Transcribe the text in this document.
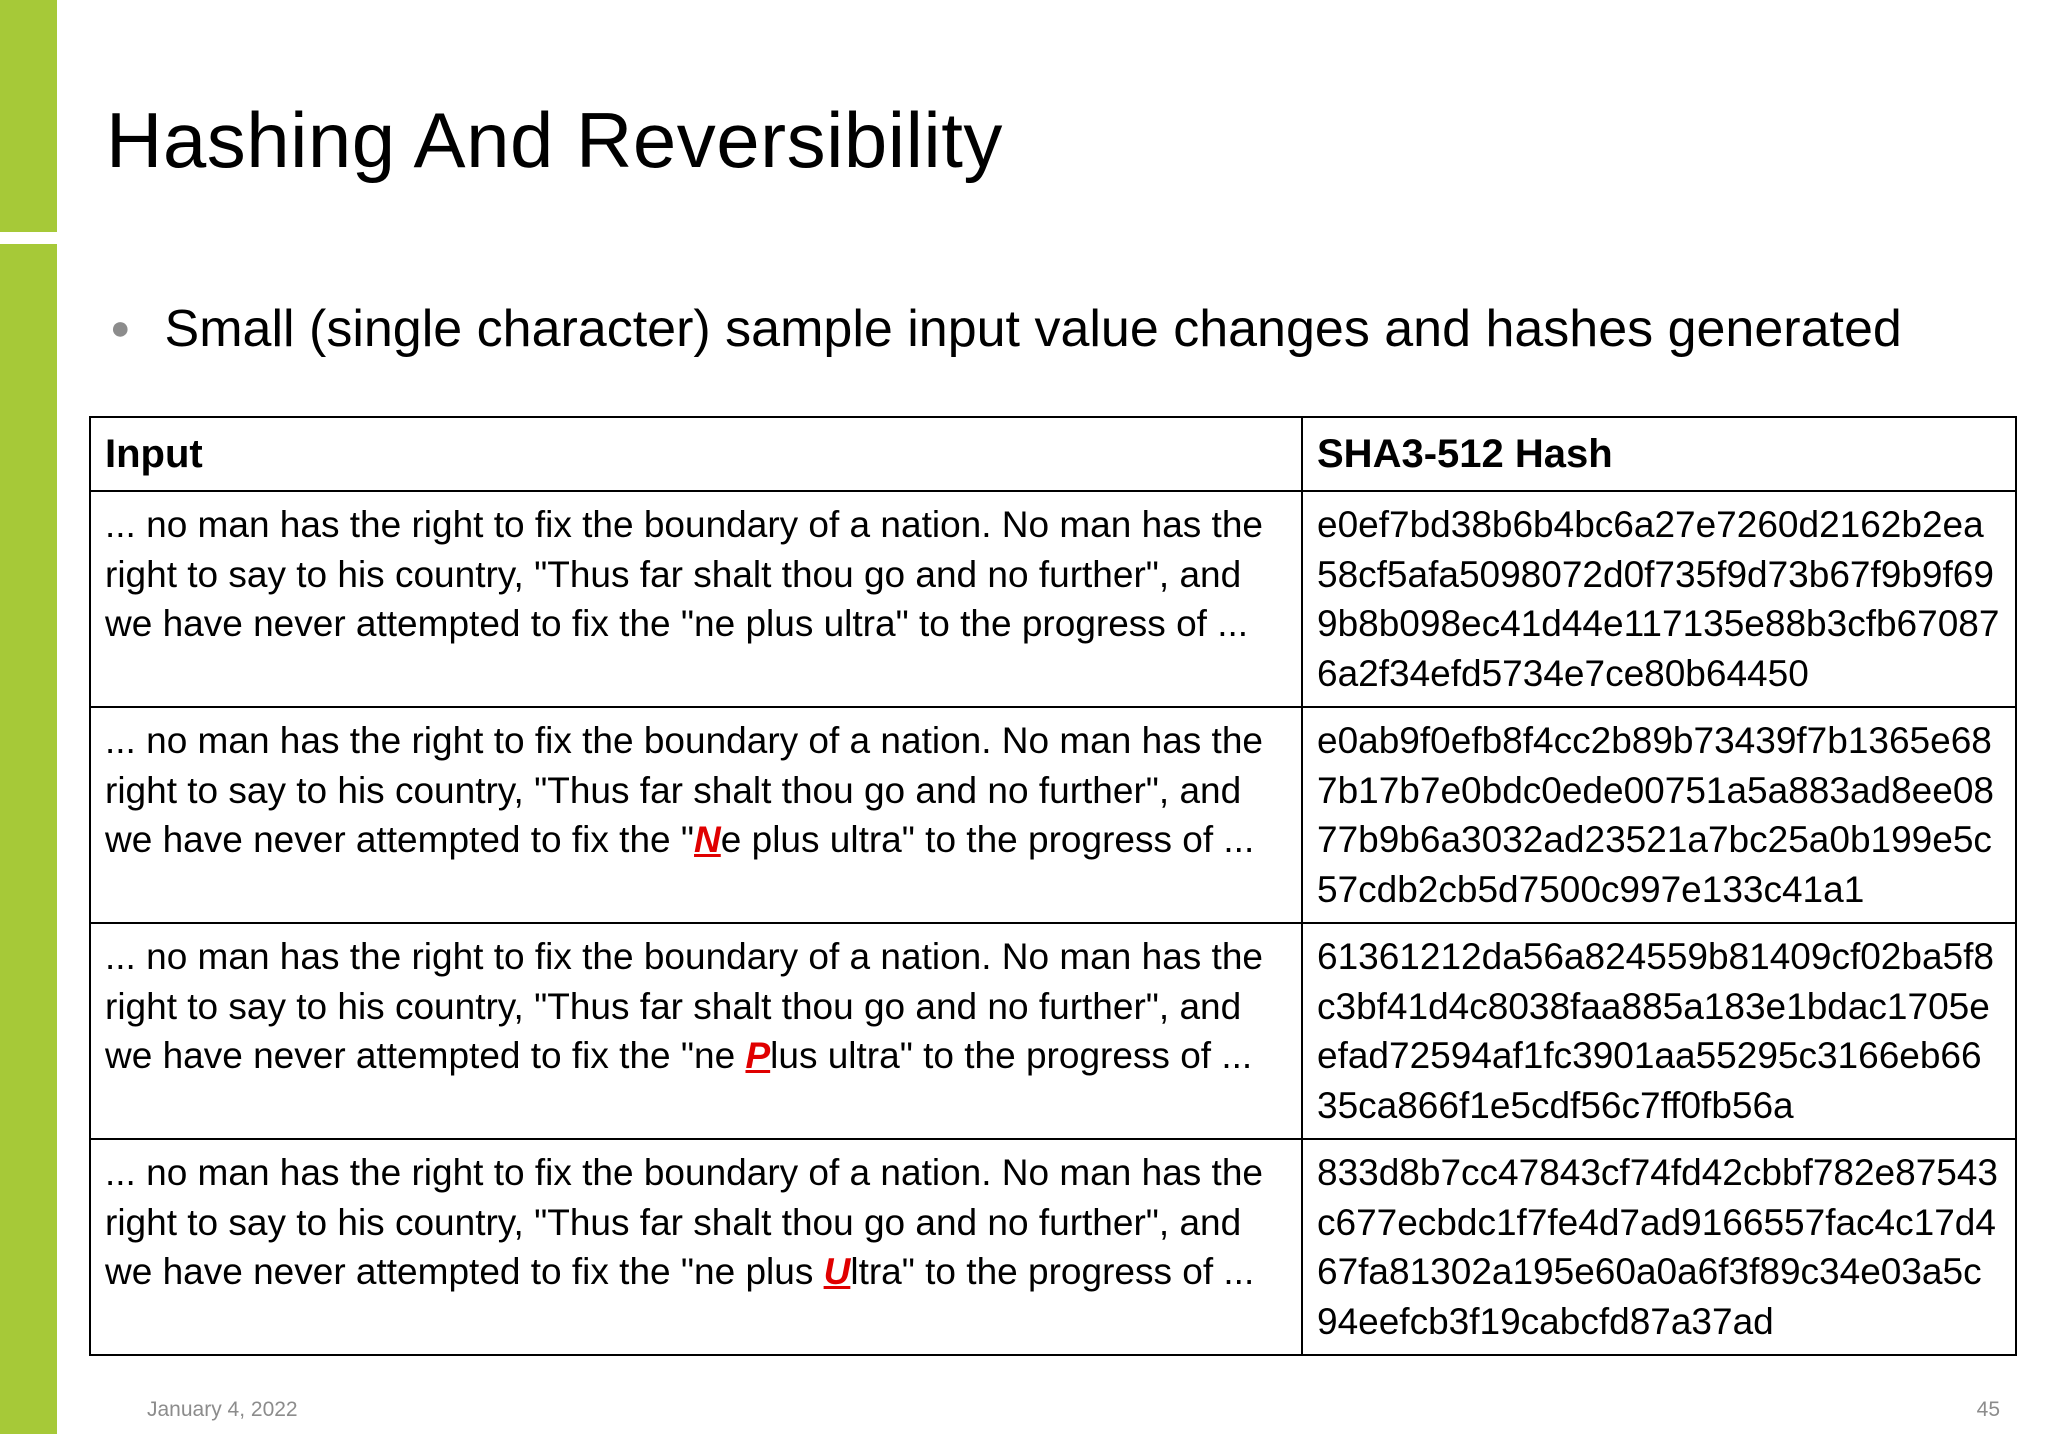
Hashing And Reversibility
● Small (single character) sample input value changes and hashes generated
Input	SHA3-512 Hash
... no man has the right to fix the boundary of a nation. No man has the right to say to his country, "Thus far shalt thou go and no further", and we have never attempted to fix the "ne plus ultra" to the progress of ...	e0ef7bd38b6b4bc6a27e7260d2162b2ea58cf5afa5098072d0f735f9d73b67f9b9f699b8b098ec41d44e117135e88b3cfb670876a2f34efd5734e7ce80b64450
... no man has the right to fix the boundary of a nation. No man has the right to say to his country, "Thus far shalt thou go and no further", and we have never attempted to fix the "Ne plus ultra" to the progress of ...	e0ab9f0efb8f4cc2b89b73439f7b1365e687b17b7e0bdc0ede00751a5a883ad8ee0877b9b6a3032ad23521a7bc25a0b199e5c57cdb2cb5d7500c997e133c41a1
... no man has the right to fix the boundary of a nation. No man has the right to say to his country, "Thus far shalt thou go and no further", and we have never attempted to fix the "ne Plus ultra" to the progress of ...	61361212da56a824559b81409cf02ba5f8c3bf41d4c8038faa885a183e1bdac1705eefad72594af1fc3901aa55295c3166eb6635ca866f1e5cdf56c7ff0fb56a
... no man has the right to fix the boundary of a nation. No man has the right to say to his country, "Thus far shalt thou go and no further", and we have never attempted to fix the "ne plus Ultra" to the progress of ...	833d8b7cc47843cf74fd42cbbf782e87543c677ecbdc1f7fe4d7ad9166557fac4c17d467fa81302a195e60a0a6f3f89c34e03a5c94eefcb3f19cabcfd87a37ad
January 4, 2022	45
